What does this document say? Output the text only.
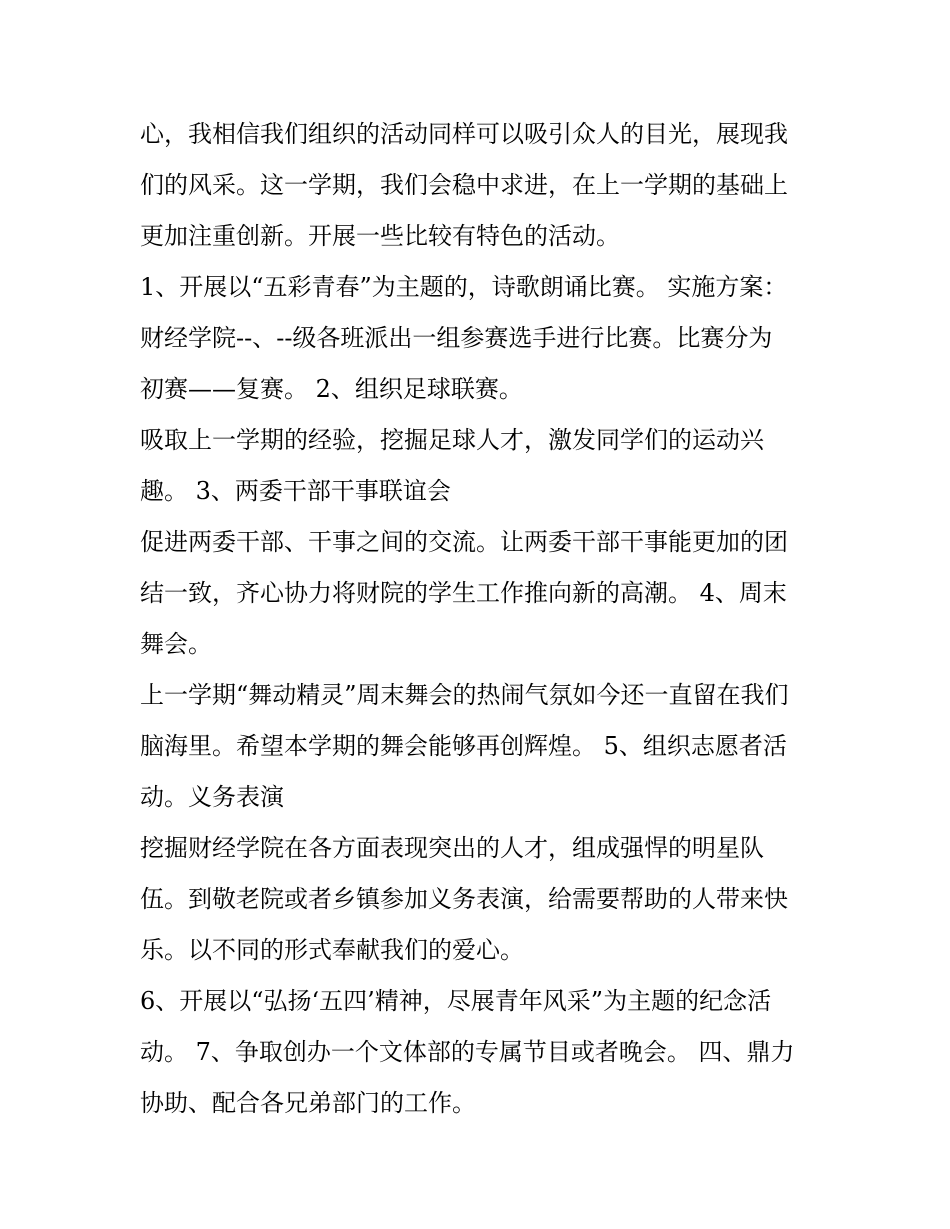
心，我相信我们组织的活动同样可以吸引众人的目光，展现我
们的风采。这一学期，我们会稳中求进，在上一学期的基础上
更加注重创新。开展一些比较有特色的活动。
1、开展以“五彩青春”为主题的，诗歌朗诵比赛。 实施方案：
财经学院--、--级各班派出一组参赛选手进行比赛。比赛分为
初赛——复赛。 2、组织足球联赛。
吸取上一学期的经验，挖掘足球人才，激发同学们的运动兴
趣。 3、两委干部干事联谊会
促进两委干部、干事之间的交流。让两委干部干事能更加的团
结一致，齐心协力将财院的学生工作推向新的高潮。 4、周末
舞会。
上一学期“舞动精灵”周末舞会的热闹气氛如今还一直留在我们
脑海里。希望本学期的舞会能够再创辉煌。 5、组织志愿者活
动。义务表演
挖掘财经学院在各方面表现突出的人才，组成强悍的明星队
伍。到敬老院或者乡镇参加义务表演，给需要帮助的人带来快
乐。以不同的形式奉献我们的爱心。
6、开展以“弘扬‘五四’精神，尽展青年风采”为主题的纪念活
动。 7、争取创办一个文体部的专属节目或者晚会。 四、鼎力
协助、配合各兄弟部门的工作。
